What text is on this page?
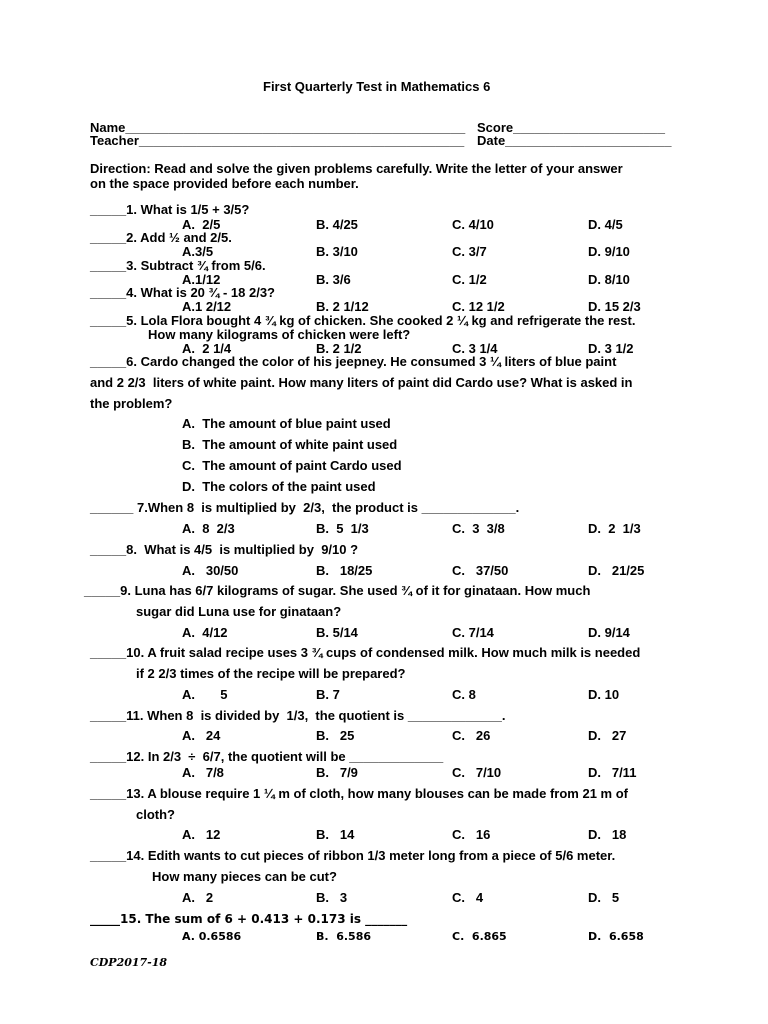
First Quarterly Test in Mathematics 6
Name_______________________________________________ Score_____________________
Teacher_____________________________________________ Date_______________________
Direction: Read and solve the given problems carefully. Write the letter of your answer
on the space provided before each number.
_____1. What is 1/5 + 3/5?
A.  2/5	B. 4/25	C. 4/10	D. 4/5
_____2. Add ½ and 2/5.
A.3/5	B. 3/10	C. 3/7	D. 9/10
_____3. Subtract ¾ from 5/6.
A.1/12	B. 3/6	C. 1/2	D. 8/10
_____4. What is 20 ¾ - 18 2/3?
A.1 2/12	B. 2 1/12	C. 12 1/2	D. 15 2/3
_____5. Lola Flora bought 4 ¾ kg of chicken. She cooked 2 ¼ kg and refrigerate the rest.
How many kilograms of chicken were left?
A.  2 1/4	B. 2 1/2	C. 3 1/4	D. 3 1/2
_____6. Cardo changed the color of his jeepney. He consumed 3 ¼ liters of blue paint
and 2 2/3  liters of white paint. How many liters of paint did Cardo use? What is asked in
the problem?
A.  The amount of blue paint used
B.  The amount of white paint used
C.  The amount of paint Cardo used
D.  The colors of the paint used
______ 7.When 8  is multiplied by  2/3,  the product is _____________.
A.  8  2/3	B.  5  1/3	C.  3  3/8	D.  2  1/3
_____8.  What is 4/5  is multiplied by  9/10 ?
A.   30/50	B.   18/25	C.   37/50	D.   21/25
_____9. Luna has 6/7 kilograms of sugar. She used ¾ of it for ginataan. How much
sugar did Luna use for ginataan?
A.  4/12	B. 5/14	C. 7/14	D. 9/14
_____10. A fruit salad recipe uses 3 ¾ cups of condensed milk. How much milk is needed
if 2 2/3 times of the recipe will be prepared?
A.       5	B. 7	C. 8	D. 10
_____11. When 8  is divided by  1/3,  the quotient is _____________.
A.   24	B.   25	C.   26	D.   27
_____12. In 2/3  ÷  6/7, the quotient will be _____________
A.   7/8	B.   7/9	C.   7/10	D.   7/11
_____13. A blouse require 1 ¼ m of cloth, how many blouses can be made from 21 m of
cloth?
A.   12	B.   14	C.   16	D.   18
_____14. Edith wants to cut pieces of ribbon 1/3 meter long from a piece of 5/6 meter.
How many pieces can be cut?
A.   2	B.   3	C.   4	D.   5
_____15. The sum of 6 + 0.413 + 0.173 is _______
A. 0.6586	B.  6.586	C.  6.865	D.  6.658
CDP2017-18
